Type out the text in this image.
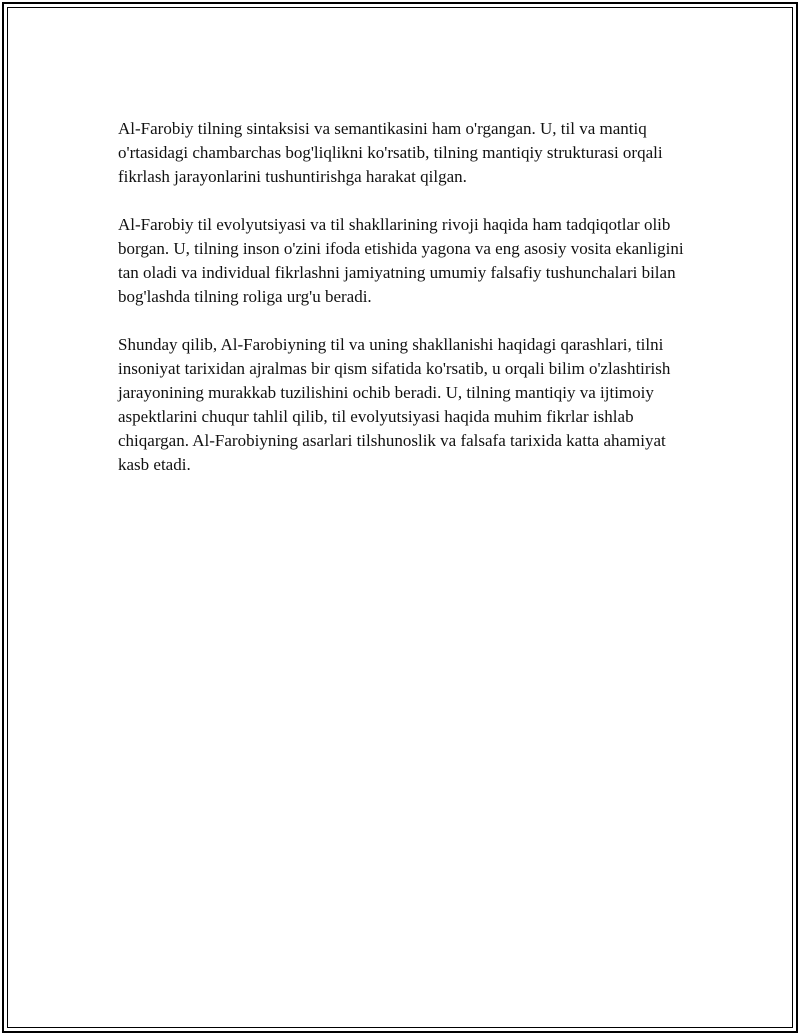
Al-Farobiy tilning sintaksisi va semantikasini ham o'rgangan. U, til va mantiq o'rtasidagi chambarchas bog'liqlikni ko'rsatib, tilning mantiqiy strukturasi orqali fikrlash jarayonlarini tushuntirishga harakat qilgan.

Al-Farobiy til evolyutsiyasi va til shakllarining rivoji haqida ham tadqiqotlar olib borgan. U, tilning inson o'zini ifoda etishida yagona va eng asosiy vosita ekanligini tan oladi va individual fikrlashni jamiyatning umumiy falsafiy tushunchalari bilan bog'lashda tilning roliga urg'u beradi.

Shunday qilib, Al-Farobiyning til va uning shakllanishi haqidagi qarashlari, tilni insoniyat tarixidan ajralmas bir qism sifatida ko'rsatib, u orqali bilim o'zlashtirish jarayonining murakkab tuzilishini ochib beradi. U, tilning mantiqiy va ijtimoiy aspektlarini chuqur tahlil qilib, til evolyutsiyasi haqida muhim fikrlar ishlab chiqargan. Al-Farobiyning asarlari tilshunoslik va falsafa tarixida katta ahamiyat kasb etadi.
